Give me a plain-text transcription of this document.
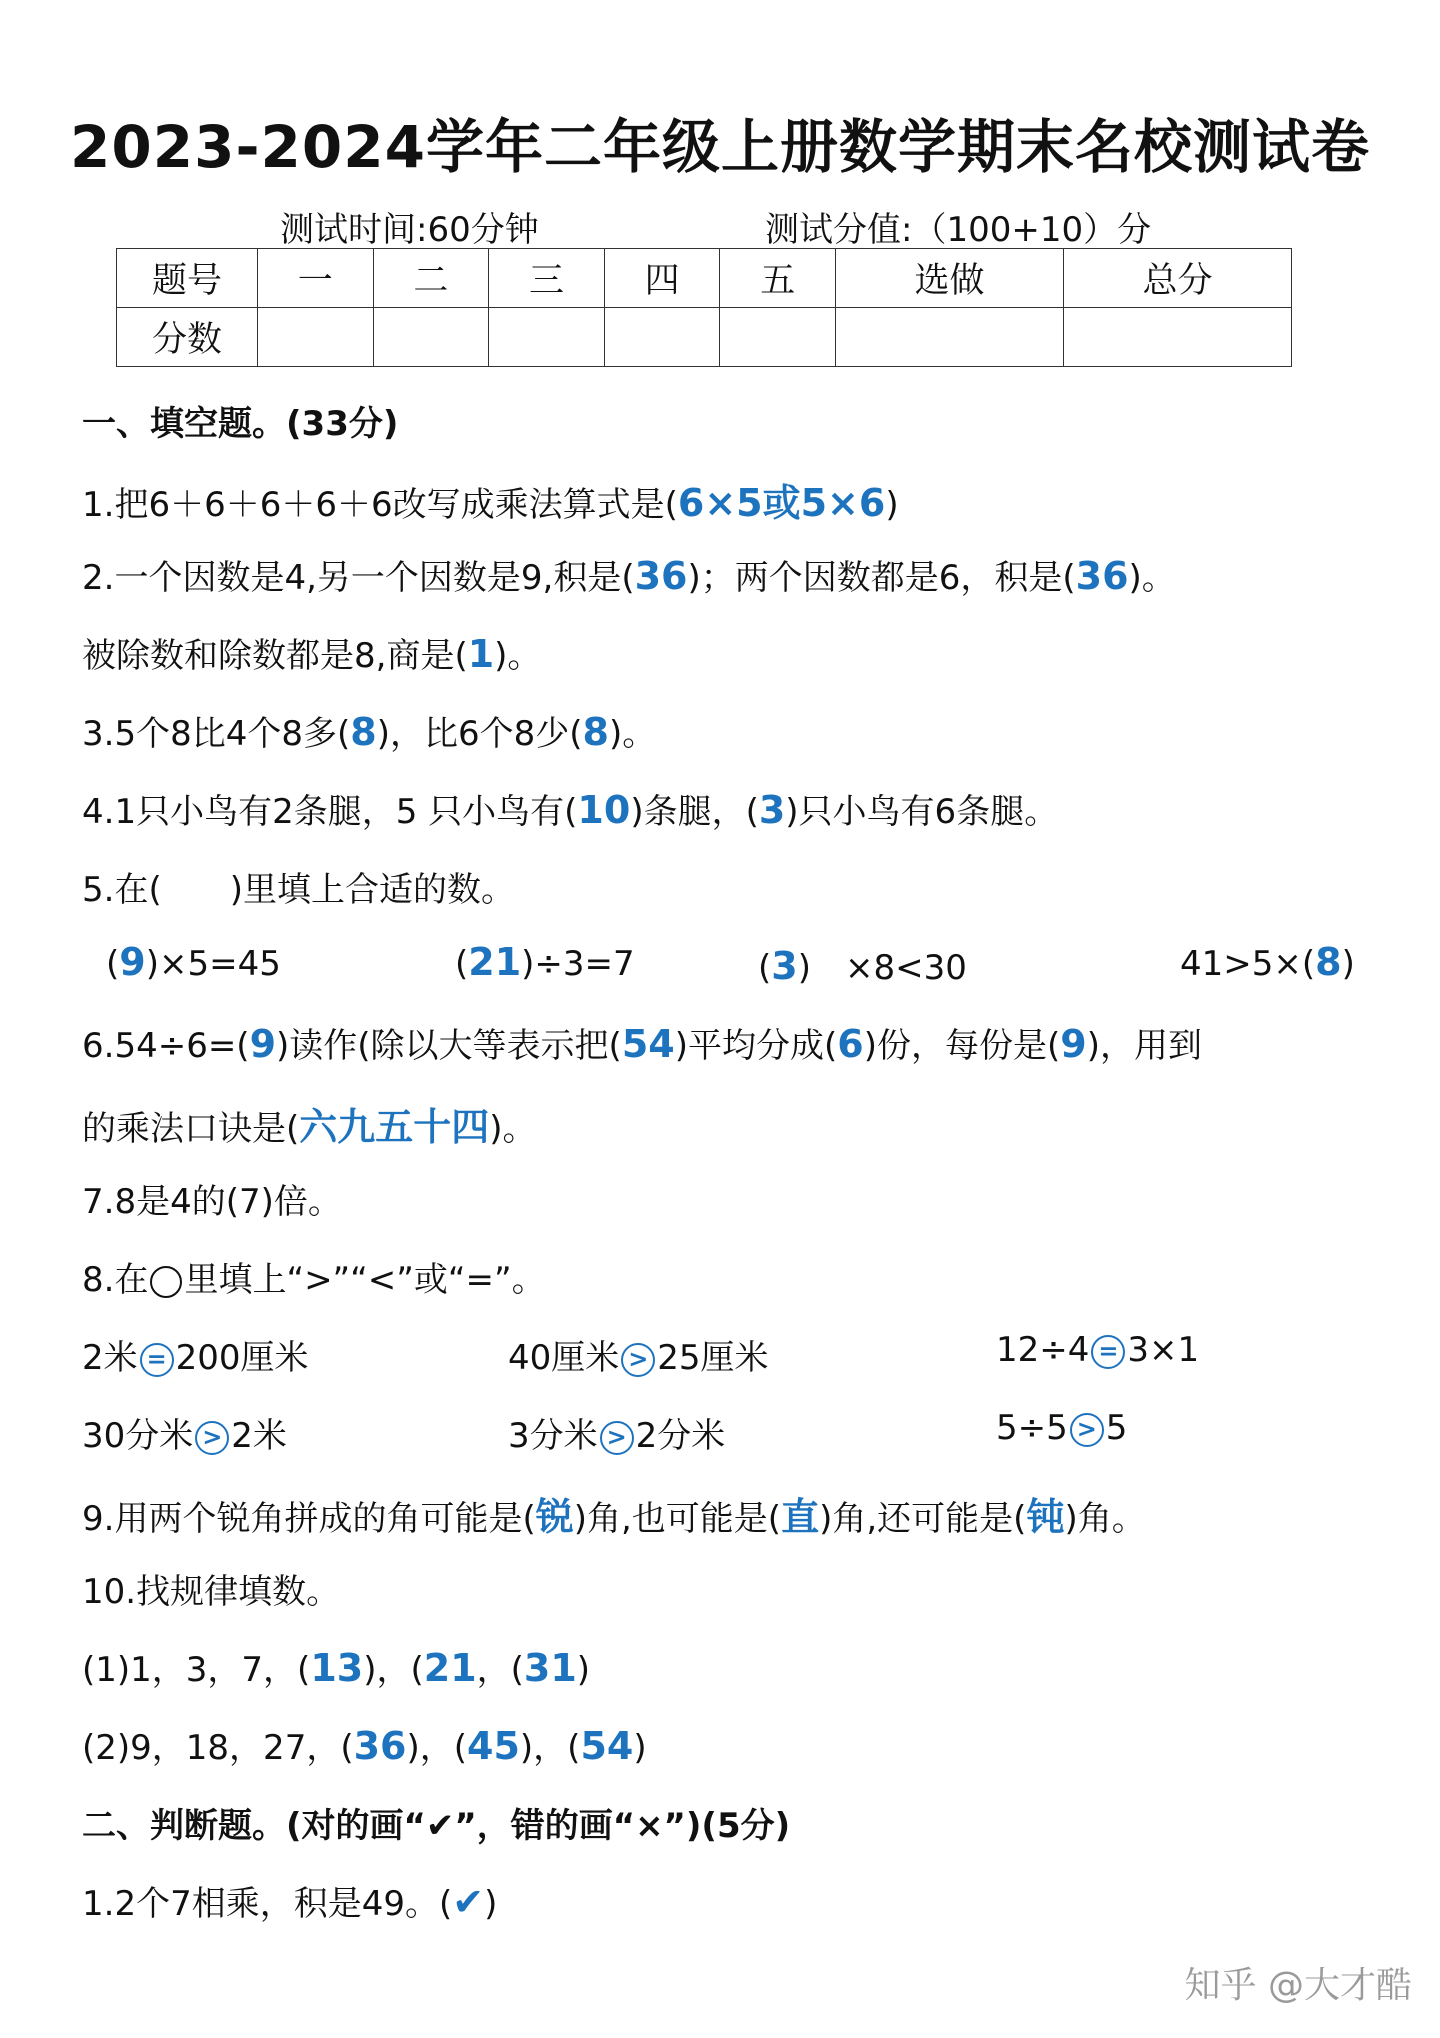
2023-2024学年二年级上册数学期末名校测试卷
测试时间:60分钟	测试分值:（100+10）分
题号	一	二	三	四	五	选做	总分
分数							
一、填空题。(33分)
1.把6＋6＋6＋6＋6改写成乘法算式是(6×5或5×6)
2.一个因数是4,另一个因数是9,积是(36)；两个因数都是6，积是(36)。
被除数和除数都是8,商是(1)。
3.5个8比4个8多(8)，比6个8少(8)。
4.1只小鸟有2条腿，5 只小鸟有(10)条腿，(3)只小鸟有6条腿。
5.在(　　)里填上合适的数。
(9)×5=45	(21)÷3=7	(3)　×8<30	41>5×(8)
6.54÷6=(9)读作(除以大等表示把(54)平均分成(6)份，每份是(9)，用到
的乘法口诀是(六九五十四)。
7.8是4的(7)倍。
8.在 里填上“>”“<”或“=”。
2米 = 200厘米	40厘米 > 25厘米	12÷4 = 3×1
30分米 > 2米	3分米 > 2分米	5÷5 > 5
9.用两个锐角拼成的角可能是(锐)角,也可能是(直)角,还可能是(钝)角。
10.找规律填数。
(1)1，3，7，(13)，(21，(31)
(2)9，18，27，(36)，(45)，(54)
二、判断题。(对的画“✔”，错的画“×”)(5分)
1.2个7相乘，积是49。(✔)
知乎 @大才酷
